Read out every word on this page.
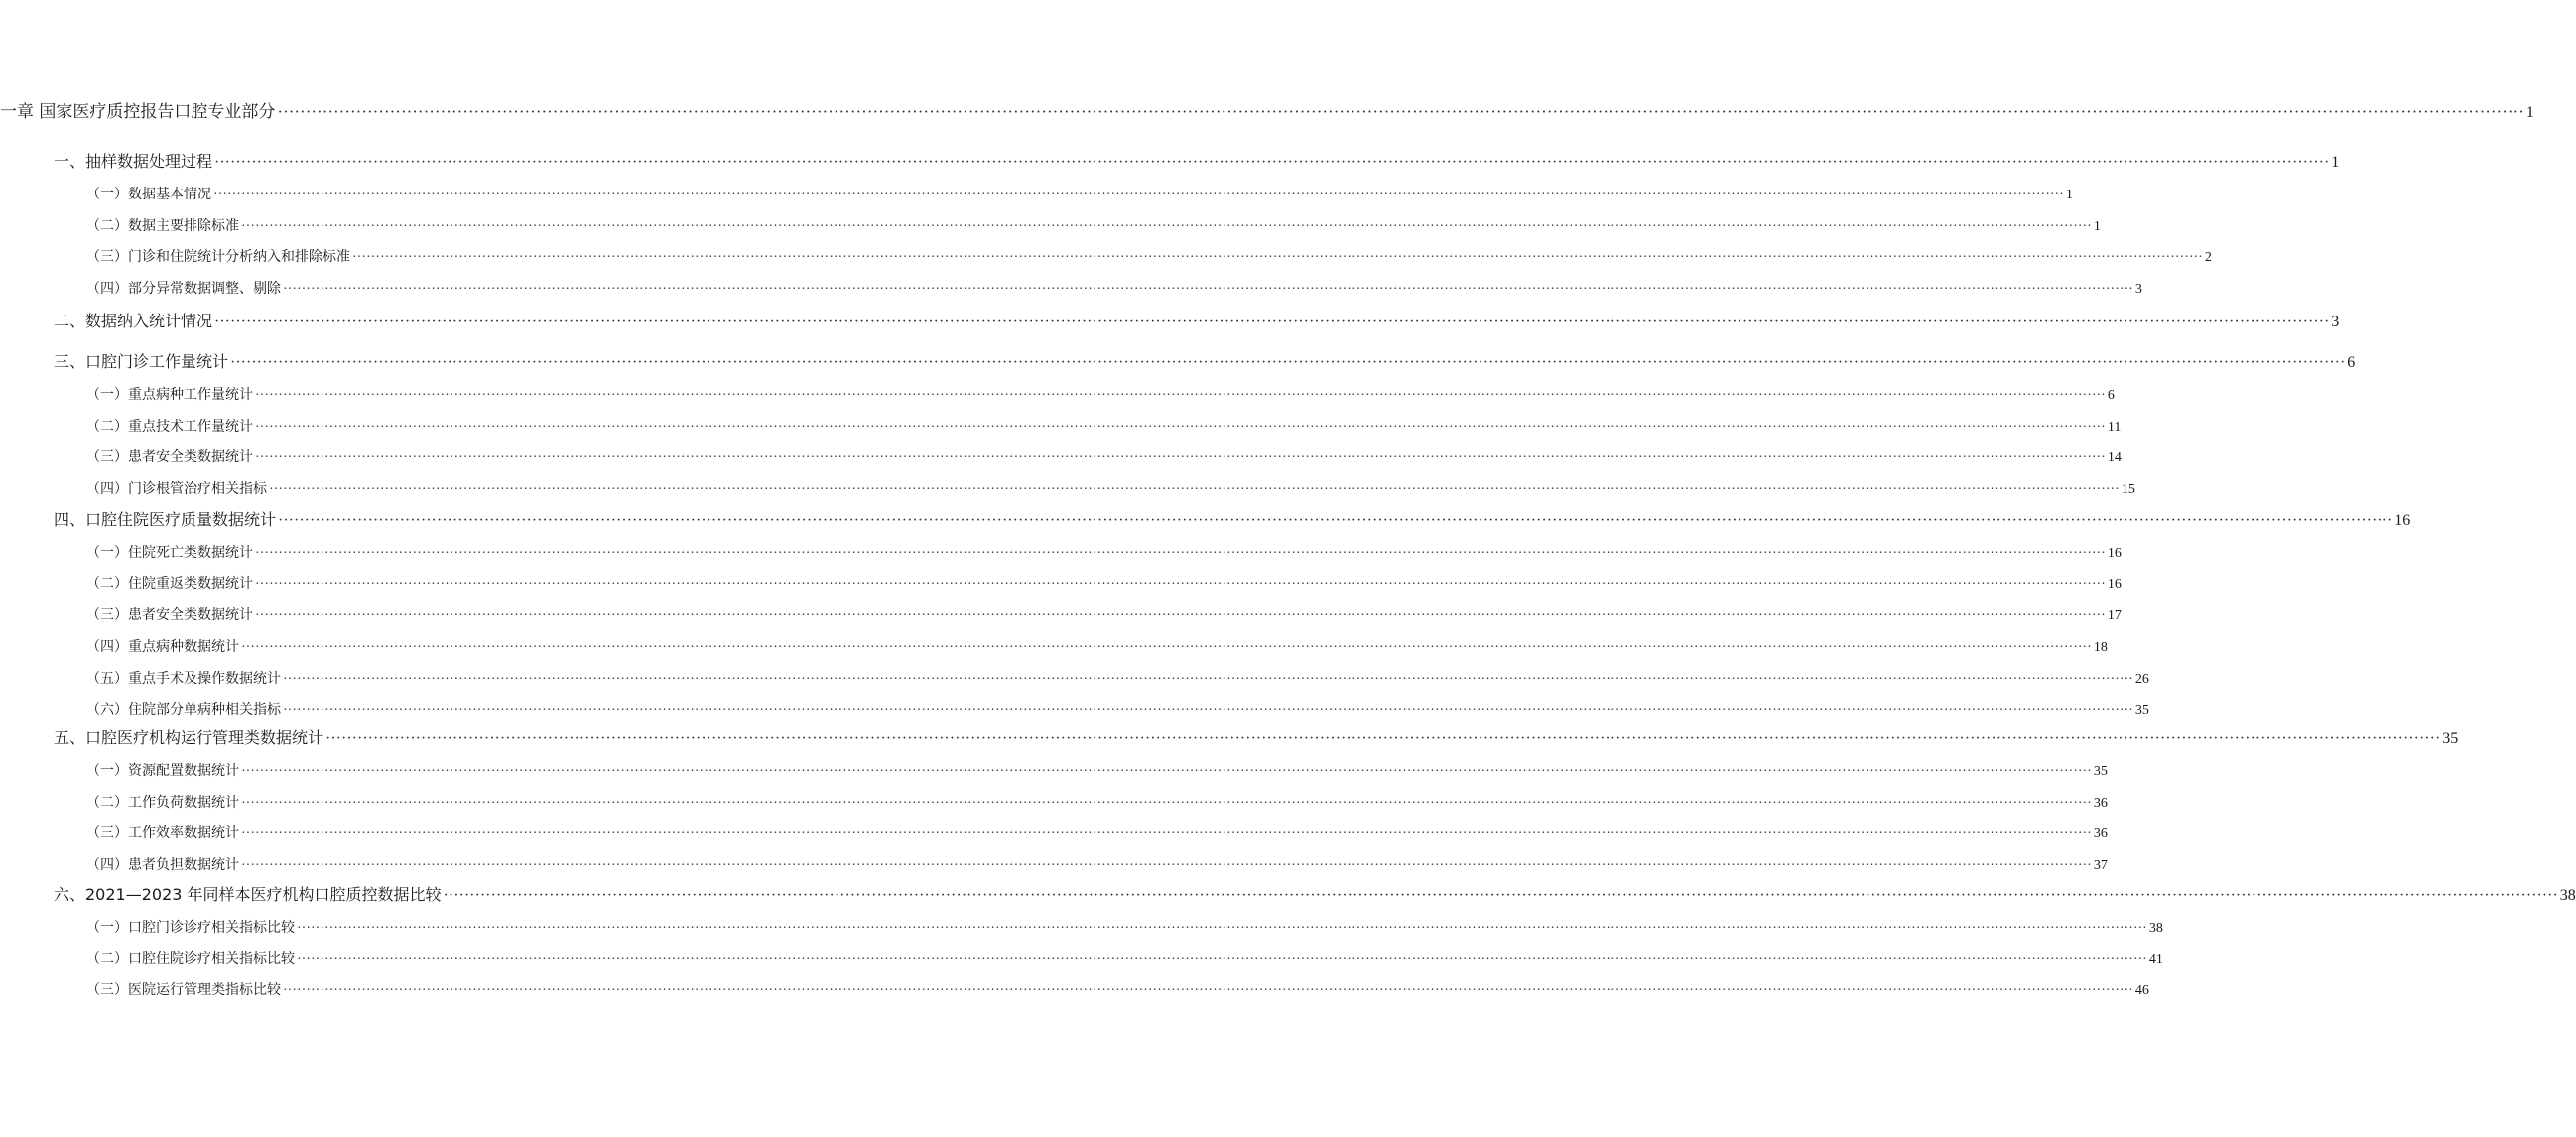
一章 国家医疗质控报告口腔专业部分 ················································································································································································································································································································································································································ 1
一、抽样数据处理过程 ················································································································································································································································································································································································································ 1
（一）数据基本情况 ················································································································································································································································································································································································································ 1
（二）数据主要排除标准 ················································································································································································································································································································································································································ 1
（三）门诊和住院统计分析纳入和排除标准 ················································································································································································································································································································································································································ 2
（四）部分异常数据调整、剔除 ················································································································································································································································································································································································································ 3
二、数据纳入统计情况 ················································································································································································································································································································································································································ 3
三、口腔门诊工作量统计 ················································································································································································································································································································································································································ 6
（一）重点病种工作量统计 ················································································································································································································································································································································································································ 6
（二）重点技术工作量统计 ················································································································································································································································································································································································································ 11
（三）患者安全类数据统计 ················································································································································································································································································································································································································ 14
（四）门诊根管治疗相关指标 ················································································································································································································································································································································································································ 15
四、口腔住院医疗质量数据统计 ················································································································································································································································································································································································································ 16
（一）住院死亡类数据统计 ················································································································································································································································································································································································································ 16
（二）住院重返类数据统计 ················································································································································································································································································································································································································ 16
（三）患者安全类数据统计 ················································································································································································································································································································································································································ 17
（四）重点病种数据统计 ················································································································································································································································································································································································································ 18
（五）重点手术及操作数据统计 ················································································································································································································································································································································································································ 26
（六）住院部分单病种相关指标 ················································································································································································································································································································································································································ 35
五、口腔医疗机构运行管理类数据统计 ················································································································································································································································································································································································································ 35
（一）资源配置数据统计 ················································································································································································································································································································································································································ 35
（二）工作负荷数据统计 ················································································································································································································································································································································································································ 36
（三）工作效率数据统计 ················································································································································································································································································································································································································ 36
（四）患者负担数据统计 ················································································································································································································································································································································································································ 37
六、2021—2023 年同样本医疗机构口腔质控数据比较 ················································································································································································································································································································································································································ 38
（一）口腔门诊诊疗相关指标比较 ················································································································································································································································································································································································································ 38
（二）口腔住院诊疗相关指标比较 ················································································································································································································································································································································································································ 41
（三）医院运行管理类指标比较 ················································································································································································································································································································································································································ 46
